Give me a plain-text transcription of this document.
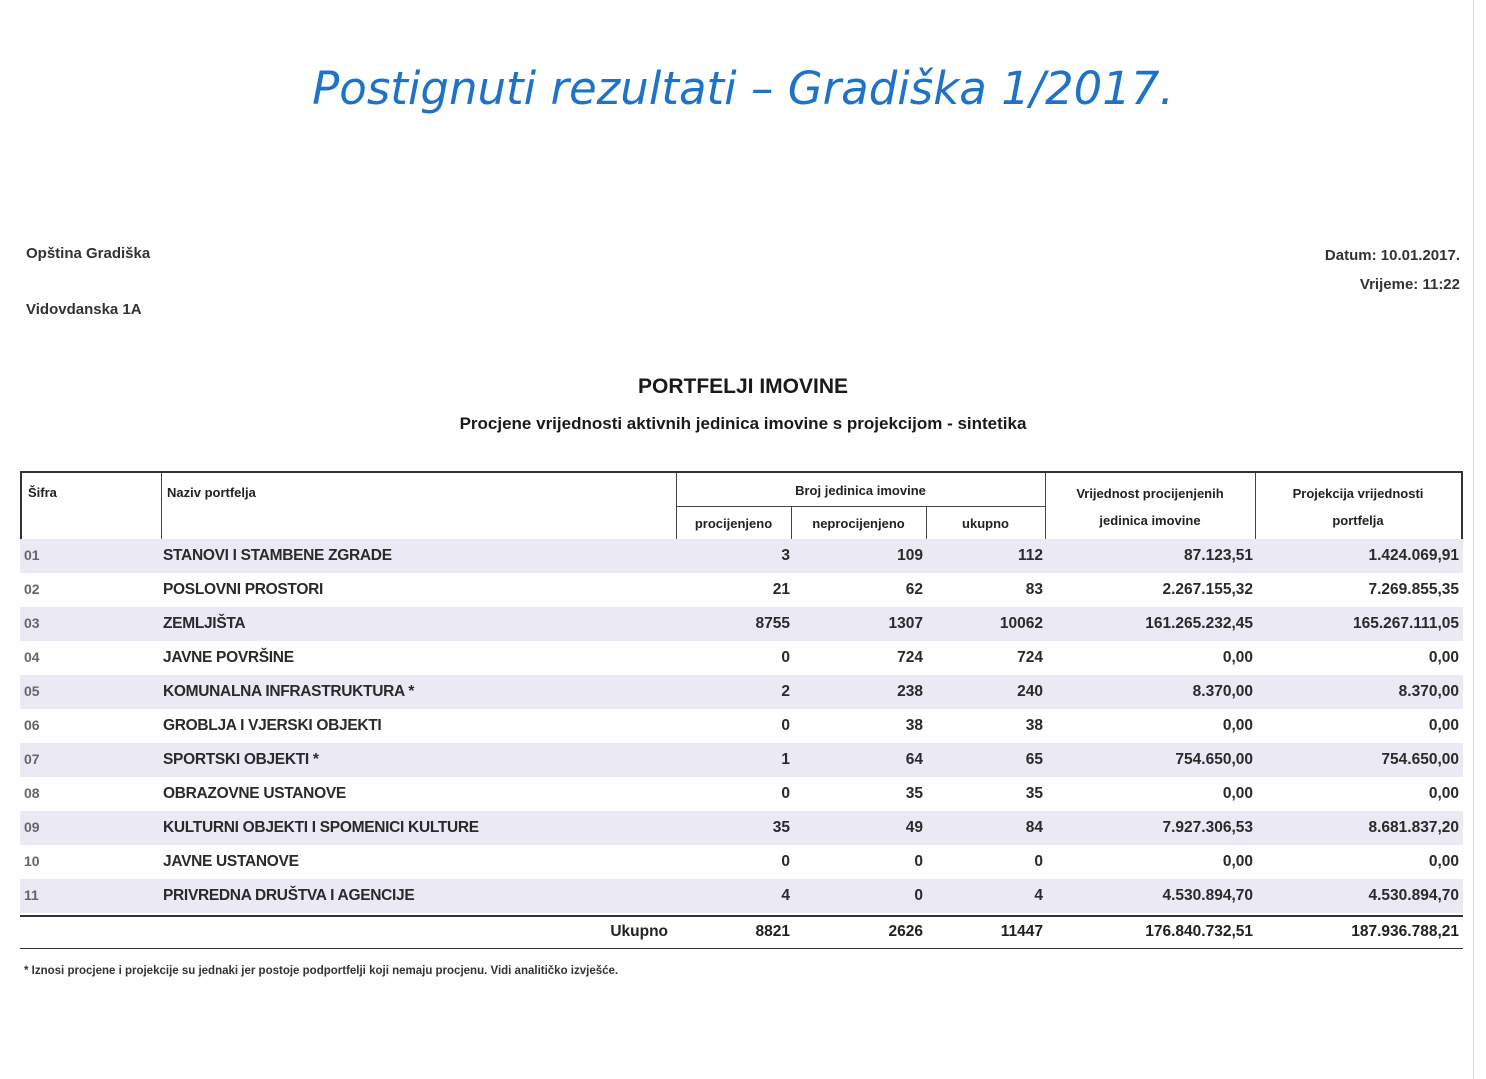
Postignuti rezultati – Gradiška 1/2017.
Opština Gradiška
Vidovdanska 1A
Datum: 10.01.2017.
Vrijeme: 11:22
PORTFELJI IMOVINE
Procjene vrijednosti aktivnih jedinica imovine s projekcijom - sintetika
Šifra	Naziv portfelja	Broj jedinica imovine
procijenjeno	neprocijenjeno	ukupno
Vrijednost procijenjenih
jedinica imovine
Projekcija vrijednosti
portfelja
01	STANOVI I STAMBENE ZGRADE	3	109	112	87.123,51	1.424.069,91
02	POSLOVNI PROSTORI	21	62	83	2.267.155,32	7.269.855,35
03	ZEMLJIŠTA	8755	1307	10062	161.265.232,45	165.267.111,05
04	JAVNE POVRŠINE	0	724	724	0,00	0,00
05	KOMUNALNA INFRASTRUKTURA *	2	238	240	8.370,00	8.370,00
06	GROBLJA I VJERSKI OBJEKTI	0	38	38	0,00	0,00
07	SPORTSKI OBJEKTI *	1	64	65	754.650,00	754.650,00
08	OBRAZOVNE USTANOVE	0	35	35	0,00	0,00
09	KULTURNI OBJEKTI I SPOMENICI KULTURE	35	49	84	7.927.306,53	8.681.837,20
10	JAVNE USTANOVE	0	0	0	0,00	0,00
11	PRIVREDNA DRUŠTVA I AGENCIJE	4	0	4	4.530.894,70	4.530.894,70
Ukupno	8821	2626	11447	176.840.732,51	187.936.788,21
* Iznosi procjene i projekcije su jednaki jer postoje podportfelji koji nemaju procjenu. Vidi analitičko izvješće.
